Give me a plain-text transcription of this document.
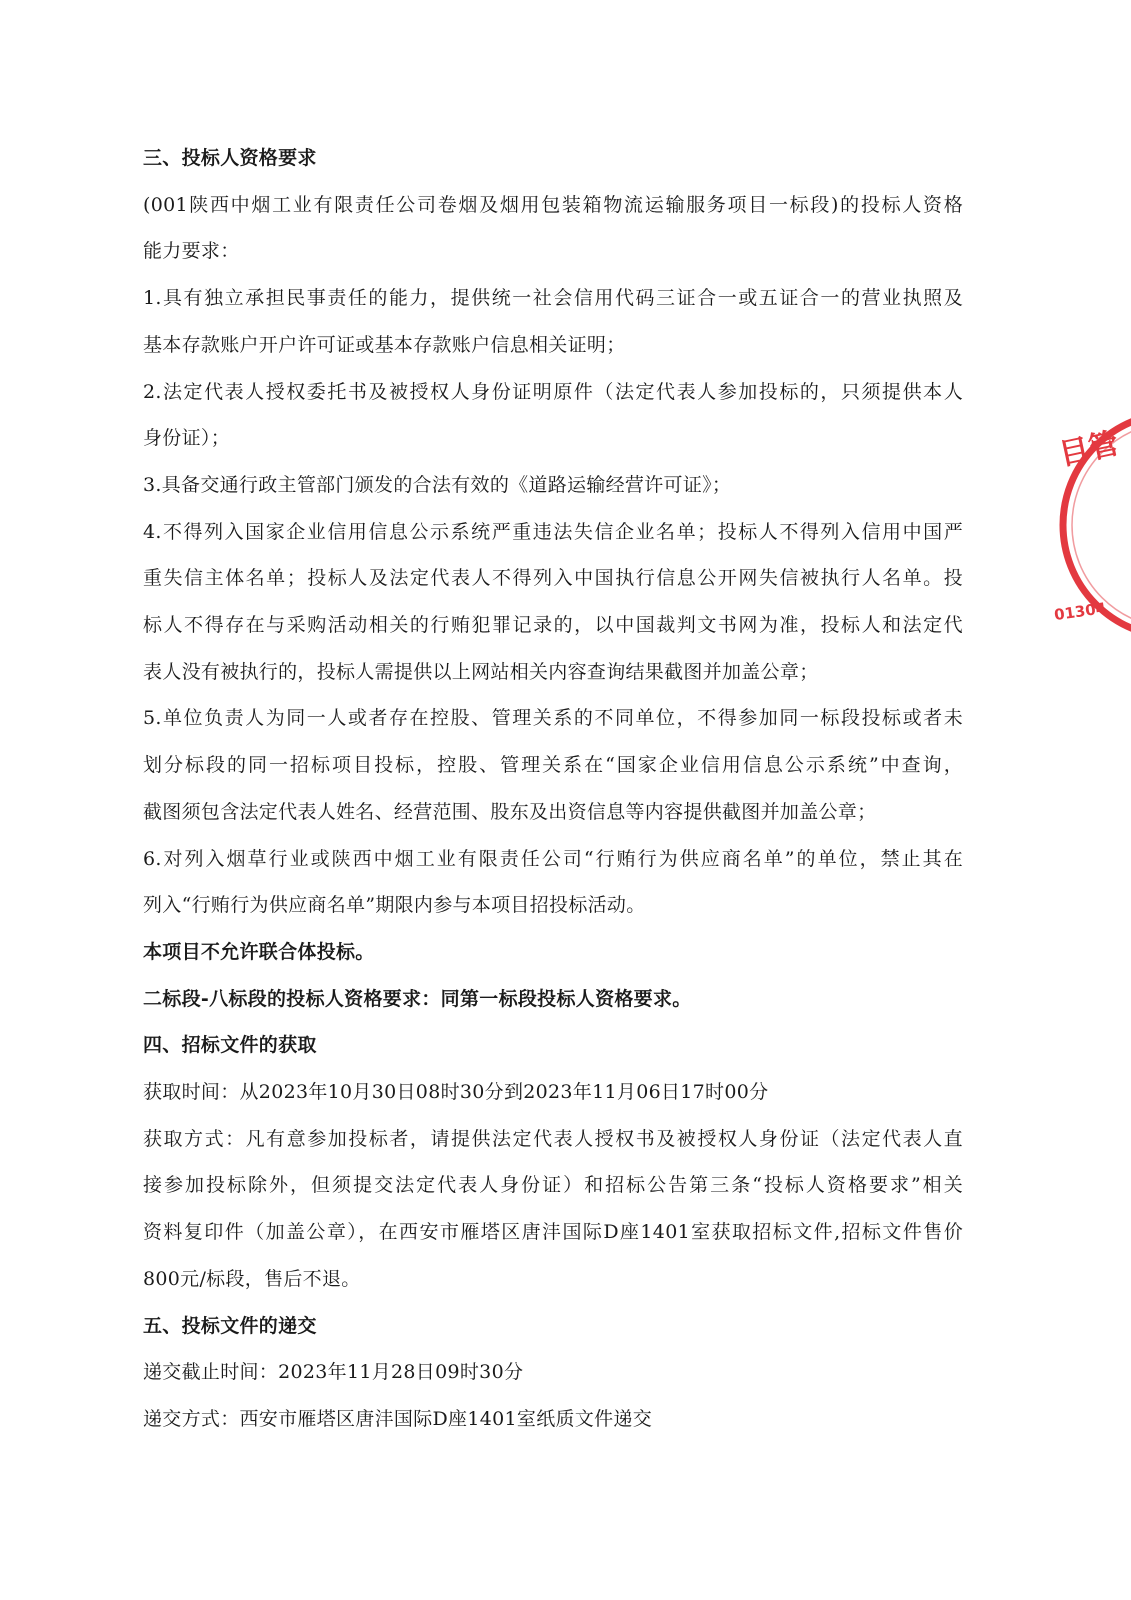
三、投标人资格要求

(001陕西中烟工业有限责任公司卷烟及烟用包装箱物流运输服务项目一标段)的投标人资格

能力要求：

1.具有独立承担民事责任的能力，提供统一社会信用代码三证合一或五证合一的营业执照及

基本存款账户开户许可证或基本存款账户信息相关证明；

2.法定代表人授权委托书及被授权人身份证明原件（法定代表人参加投标的，只须提供本人

身份证）；

3.具备交通行政主管部门颁发的合法有效的《道路运输经营许可证》；

4.不得列入国家企业信用信息公示系统严重违法失信企业名单；投标人不得列入信用中国严

重失信主体名单；投标人及法定代表人不得列入中国执行信息公开网失信被执行人名单。投

标人不得存在与采购活动相关的行贿犯罪记录的，以中国裁判文书网为准，投标人和法定代

表人没有被执行的，投标人需提供以上网站相关内容查询结果截图并加盖公章；

5.单位负责人为同一人或者存在控股、管理关系的不同单位，不得参加同一标段投标或者未

划分标段的同一招标项目投标，控股、管理关系在“国家企业信用信息公示系统”中查询，

截图须包含法定代表人姓名、经营范围、股东及出资信息等内容提供截图并加盖公章；

6.对列入烟草行业或陕西中烟工业有限责任公司“行贿行为供应商名单”的单位，禁止其在

列入“行贿行为供应商名单”期限内参与本项目招投标活动。

本项目不允许联合体投标。

二标段-八标段的投标人资格要求：同第一标段投标人资格要求。

四、招标文件的获取

获取时间：从2023年10月30日08时30分到2023年11月06日17时00分

获取方式：凡有意参加投标者，请提供法定代表人授权书及被授权人身份证（法定代表人直

接参加投标除外，但须提交法定代表人身份证）和招标公告第三条“投标人资格要求”相关

资料复印件（加盖公章），在西安市雁塔区唐沣国际D座1401室获取招标文件,招标文件售价

800元/标段，售后不退。

五、投标文件的递交

递交截止时间：2023年11月28日09时30分

递交方式：西安市雁塔区唐沣国际D座1401室纸质文件递交

目管
01304
